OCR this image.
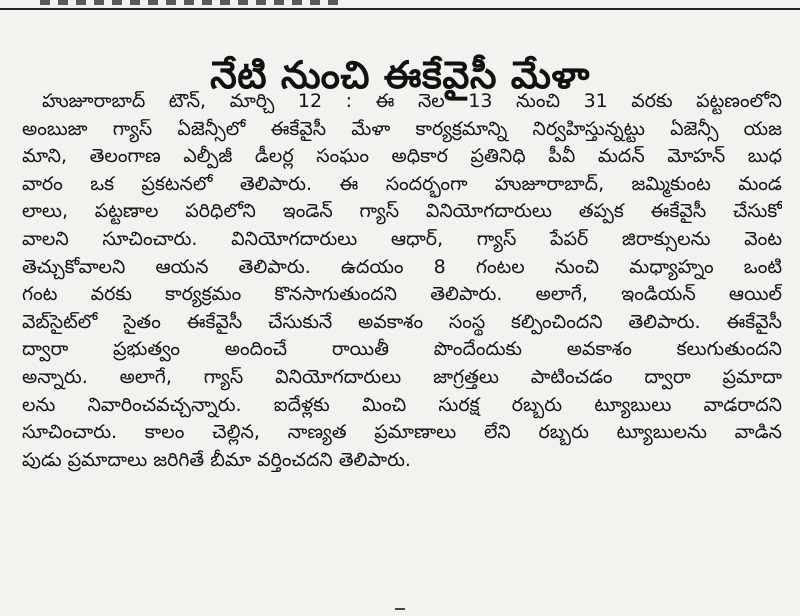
నేటి నుంచి ఈకేవైసీ మేళా

హుజూరాబాద్ టౌన్, మార్చి 12 : ఈ నెల 13 నుంచి 31 వరకు పట్టణంలోని
అంబుజా గ్యాస్ ఏజెన్సీలో ఈకేవైసీ మేళా కార్యక్రమాన్ని నిర్వహిస్తున్నట్టు ఏజెన్సీ యజ
మాని, తెలంగాణ ఎల్పీజీ డీలర్ల సంఘం అధికార ప్రతినిధి పీవీ మదన్ మోహన్ బుధ
వారం ఒక ప్రకటనలో తెలిపారు. ఈ సందర్భంగా హుజూరాబాద్, జమ్మికుంట మండ
లాలు, పట్టణాల పరిధిలోని ఇండెన్ గ్యాస్ వినియోగదారులు తప్పక ఈకేవైసీ చేసుకో
వాలని సూచించారు. వినియోగదారులు ఆధార్, గ్యాస్ పేపర్ జిరాక్సులను వెంట
తెచ్చుకోవాలని ఆయన తెలిపారు. ఉదయం 8 గంటల నుంచి మధ్యాహ్నం ఒంటి
గంట వరకు కార్యక్రమం కొనసాగుతుందని తెలిపారు. అలాగే, ఇండియన్ ఆయిల్
వెబ్‌సైట్‌లో సైతం ఈకేవైసీ చేసుకునే అవకాశం సంస్థ కల్పించిందని తెలిపారు. ఈకేవైసీ
ద్వారా ప్రభుత్వం అందించే రాయితీ పొందేందుకు అవకాశం కలుగుతుందని
అన్నారు. అలాగే, గ్యాస్ వినియోగదారులు జాగ్రత్తలు పాటించడం ద్వారా ప్రమాదా
లను నివారించవచ్చన్నారు. ఐదేళ్లకు మించి సురక్ష రబ్బరు ట్యూబులు వాడరాదని
సూచించారు. కాలం చెల్లిన, నాణ్యత ప్రమాణాలు లేని రబ్బరు ట్యూబులను వాడిన
పుడు ప్రమాదాలు జరిగితే బీమా వర్తించదని తెలిపారు.
